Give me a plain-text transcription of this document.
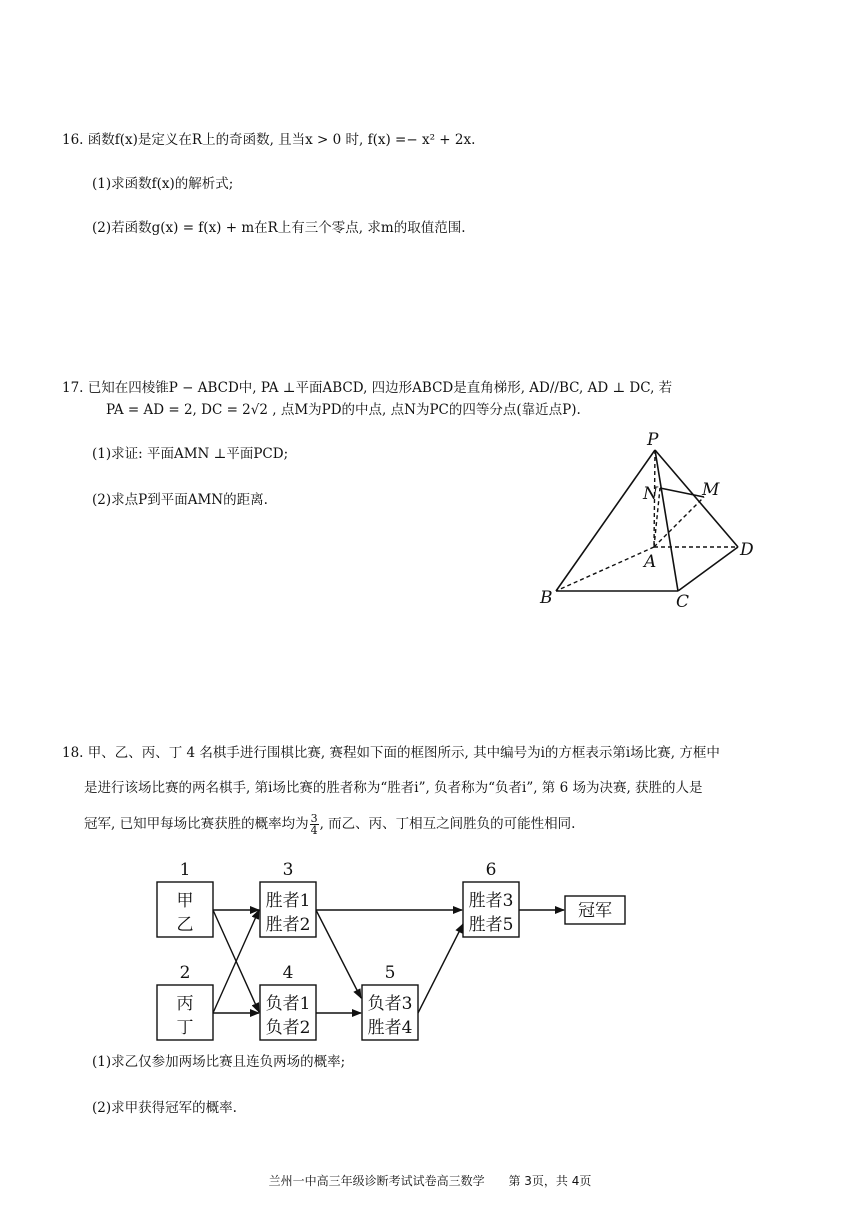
16. 函数f(x)是定义在R上的奇函数, 且当x > 0 时, f(x) =− x² + 2x.
(1)求函数f(x)的解析式;
(2)若函数g(x) = f(x) + m在R上有三个零点, 求m的取值范围.
17. 已知在四棱锥P − ABCD中, PA ⊥平面ABCD, 四边形ABCD是直角梯形, AD//BC, AD ⊥ DC, 若
PA = AD = 2, DC = 2√2 , 点M为PD的中点, 点N为PC的四等分点(靠近点P).
(1)求证: 平面AMN ⊥平面PCD;
(2)求点P到平面AMN的距离.
P
N	M
A
D
B	C
18. 甲、乙、丙、丁 4 名棋手进行围棋比赛, 赛程如下面的框图所示, 其中编号为i的方框表示第i场比赛, 方框中
是进行该场比赛的两名棋手, 第i场比赛的胜者称为“胜者i”, 负者称为“负者i”, 第 6 场为决赛, 获胜的人是
冠军, 已知甲每场比赛获胜的概率均为 $\frac{3}{4}$ , 而乙、丙、丁相互之间胜负的可能性相同.
1
甲
乙
2
丙
丁
3
胜者1
胜者2
4
负者1
负者2
5
负者3
胜者4
6
胜者3
胜者5
冠军
(1)求乙仅参加两场比赛且连负两场的概率;
(2)求甲获得冠军的概率.
兰州一中高三年级诊断考试试卷高三数学 第 3页，共 4页
